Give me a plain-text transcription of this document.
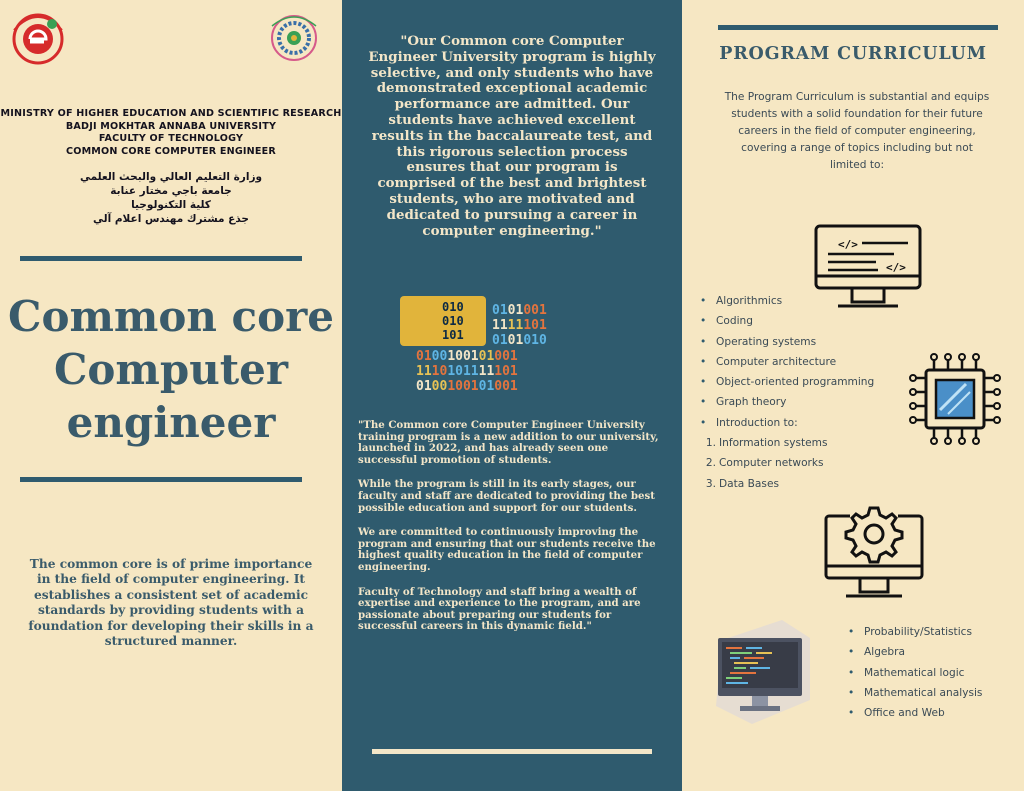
MINISTRY OF HIGHER EDUCATION AND SCIENTIFIC RESEARCH
BADJI MOKHTAR ANNABA UNIVERSITY
FACULTY OF TECHNOLOGY
COMMON CORE COMPUTER ENGINEER
وزارة التعليم العالي والبحث العلمي
جامعة باجي مختار عنابة
كلية التكنولوجيا
جذع مشترك مهندس اعلام آلي
Common core
Computer
engineer
The common core is of prime importance in the field of computer engineering. It establishes a consistent set of academic standards by providing students with a foundation for developing their skills in a structured manner.
"Our Common core Computer Engineer University program is highly selective, and only students who have demonstrated exceptional academic performance are admitted. Our students have achieved excellent results in the baccalaureate test, and this rigorous selection process ensures that our program is comprised of the best and brightest students, who are motivated and dedicated to pursuing a career in computer engineering."
010
010
101
0101001
1111101
0101010
0100100101001
1110101111101
0100100101001

"The Common core Computer Engineer University training program is a new addition to our university, launched in 2022, and has already seen one successful promotion of students.

While the program is still in its early stages, our faculty and staff are dedicated to providing the best possible education and support for our students.

We are committed to continuously improving the program and ensuring that our students receive the highest quality education in the field of computer engineering.

Faculty of Technology and staff bring a wealth of expertise and experience to the program, and are passionate about preparing our students for successful careers in this dynamic field."

PROGRAM CURRICULUM
The Program Curriculum is substantial and equips students with a solid foundation for their future careers in the field of computer engineering, covering a range of topics including but not limited to:
• Algorithmics
• Coding
• Operating systems
• Computer architecture
• Object-oriented programming
• Graph theory
• Introduction to:
1. Information systems
2. Computer networks
3. Data Bases
• Probability/Statistics
• Algebra
• Mathematical logic
• Mathematical analysis
• Office and Web
</>
</>
